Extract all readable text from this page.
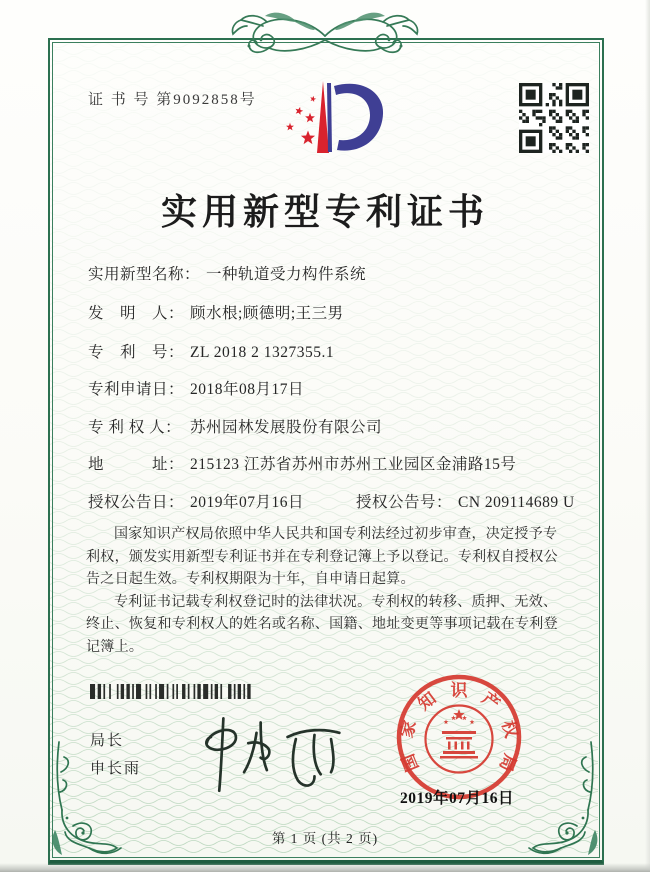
证 书 号 第9092858号
实用新型专利证书
实用新型名称： 一种轨道受力构件系统
发　明　人： 顾水根;顾德明;王三男
专　利　号： ZL 2018 2 1327355.1
专利申请日： 2018年08月17日
专 利 权 人： 苏州园林发展股份有限公司
地　　　址： 215123 江苏省苏州市苏州工业园区金浦路15号
授权公告日： 2019年07月16日	授权公告号： CN 209114689 U

国家知识产权局依照中华人民共和国专利法经过初步审查，决定授予专利权，颁发实用新型专利证书并在专利登记簿上予以登记。专利权自授权公告之日起生效。专利权期限为十年，自申请日起算。

专利证书记载专利权登记时的法律状况。专利权的转移、质押、无效、终止、恢复和专利权人的姓名或名称、国籍、地址变更等事项记载在专利登记簿上。

局长
申长雨	国
家
知 识 产
权
局
2019年07月16日
第 1 页 (共 2 页)
